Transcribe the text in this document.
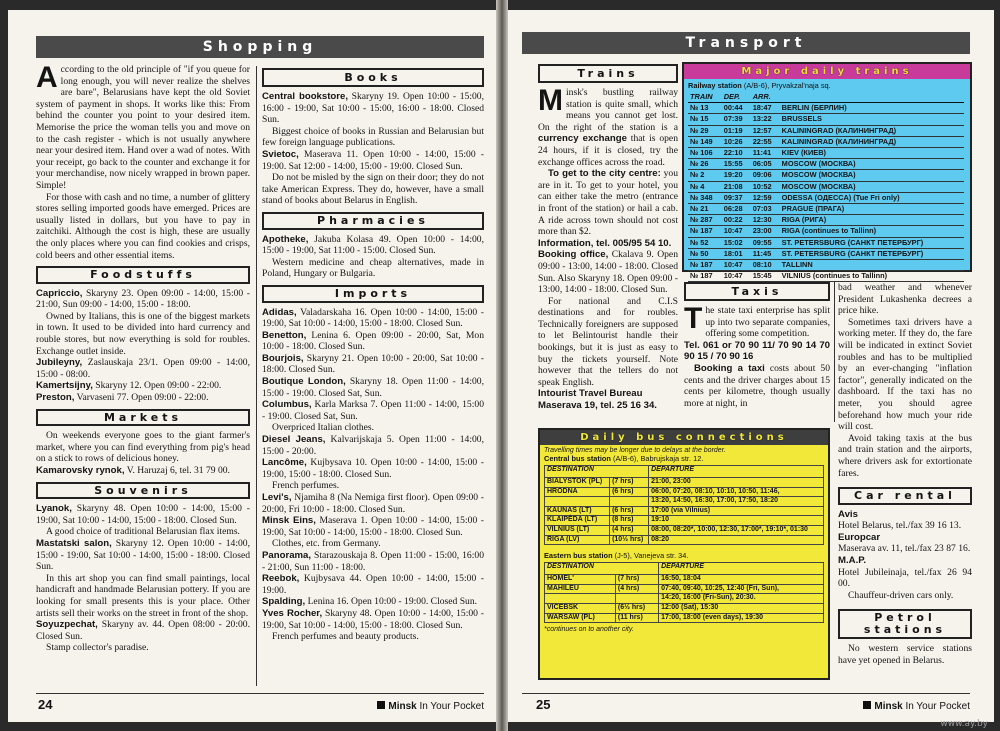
Shopping

According to the old principle of "if you queue for long enough, you will never realize the shelves are bare", Belarusians have kept the old Soviet system of payment in shops. It works like this: From behind the counter you point to your desired item. Memorise the price the woman tells you and move on to the cash register - which is not usually anywhere near your desired item. Hand over a wad of notes. With your receipt, go back to the counter and exchange it for your merchandise, now nicely wrapped in brown paper. Simple!

For those with cash and no time, a number of glittery stores selling imported goods have emerged. Prices are usually listed in dollars, but you have to pay in zaitchiki. Although the cost is high, these are usually the only places where you can find cookies and crisps, cold beers and other essential items.

Foodstuffs

Capriccio, Skaryny 23. Open 09:00 - 14:00, 15:00 - 21:00, Sun 09:00 - 14:00, 15:00 - 18:00.

Owned by Italians, this is one of the biggest markets in town. It used to be divided into hard currency and rouble stores, but now everything is sold for roubles. Exchange outlet inside.

Jubileyny, Zaslauskaja 23/1. Open 09:00 - 14:00, 15:00 - 08:00.

Kamertsijny, Skaryny 12. Open 09:00 - 22:00.

Preston, Varvaseni 77. Open 09:00 - 22:00.

Markets

On weekends everyone goes to the giant farmer's market, where you can find everything from pig's head on a stick to rows of delicious honey.

Kamarovsky rynok, V. Haruzaj 6, tel. 31 79 00.

Souvenirs

Lyanok, Skaryny 48. Open 10:00 - 14:00, 15:00 - 19:00, Sat 10:00 - 14:00, 15:00 - 18:00. Closed Sun.

A good choice of traditional Belarusian flax items.

Mastatski salon, Skaryny 12. Open 10:00 - 14:00, 15:00 - 19:00, Sat 10:00 - 14:00, 15:00 - 18:00. Closed Sun.

In this art shop you can find small paintings, local handicraft and handmade Belarusian pottery. If you are looking for small presents this is your place. Other artists sell their works on the street in front of the shop.

Soyuzpechat, Skaryny av. 44. Open 08:00 - 20:00. Closed Sun.

Stamp collector's paradise.

Books

Central bookstore, Skaryny 19. Open 10:00 - 15:00, 16:00 - 19:00, Sat 10:00 - 15:00, 16:00 - 18:00. Closed Sun.

Biggest choice of books in Russian and Belarusian but few foreign language publications.

Svietoc, Maserava 11. Open 10:00 - 14:00, 15:00 - 19:00. Sat 12:00 - 14:00, 15:00 - 19:00. Closed Sun.

Do not be misled by the sign on their door; they do not take American Express. They do, however, have a small stand of books about Belarus in English.

Pharmacies

Apotheke, Jakuba Kolasa 49. Open 10:00 - 14:00, 15:00 - 19:00, Sat 11:00 - 15:00. Closed Sun.

Western medicine and cheap alternatives, made in Poland, Hungary or Bulgaria.

Imports

Adidas, Valadarskaha 16. Open 10:00 - 14:00, 15:00 - 19:00, Sat 10:00 - 14:00, 15:00 - 18:00. Closed Sun.

Benetton, Lenina 6. Open 09:00 - 20:00, Sat, Mon 10:00 - 18:00. Closed Sun.

Bourjois, Skaryny 21. Open 10:00 - 20:00, Sat 10:00 - 18:00. Closed Sun.

Boutique London, Skaryny 18. Open 11:00 - 14:00, 15:00 - 19:00. Closed Sat, Sun.

Columbus, Karla Marksa 7. Open 11:00 - 14:00, 15:00 - 19:00. Closed Sat, Sun.

Overpriced Italian clothes.

Diesel Jeans, Kalvarijskaja 5. Open 11:00 - 14:00, 15:00 - 20:00.

Lancôme, Kujbysava 10. Open 10:00 - 14:00, 15:00 - 19:00, 15:00 - 18:00. Closed Sun.

French perfumes.

Levi's, Njamiha 8 (Na Nemiga first floor). Open 09:00 - 20:00, Fri 10:00 - 18:00. Closed Sun.

Minsk Eins, Maserava 1. Open 10:00 - 14:00, 15:00 - 19:00, Sat 10:00 - 14:00, 15:00 - 18:00. Closed Sun.

Clothes, etc. from Germany.

Panorama, Starazouskaja 8. Open 11:00 - 15:00, 16:00 - 21:00, Sun 11:00 - 18:00.

Reebok, Kujbysava 44. Open 10:00 - 14:00, 15:00 - 19:00.

Spalding, Lenina 16. Open 10:00 - 19:00. Closed Sun.

Yves Rocher, Skaryny 48. Open 10:00 - 14:00, 15:00 - 19:00, Sat 10:00 - 14:00, 15:00 - 18:00. Closed Sun.

French perfumes and beauty products.

24	Minsk In Your Pocket
Transport
Trains

Minsk's bustling railway station is quite small, which means you cannot get lost. On the right of the station is a currency exchange that is open 24 hours, if it is closed, try the exchange offices across the road.

To get to the city centre: you are in it. To get to your hotel, you can either take the metro (entrance in front of the station) or hail a cab. A ride across town should not cost more than $2.

Information, tel. 005/95 54 10.

Booking office, Ckalava 9. Open 09:00 - 13:00, 14:00 - 18:00. Closed Sun. Also Skaryny 18. Open 09:00 - 13:00, 14:00 - 18:00. Closed Sun.

For national and C.I.S destinations and for roubles. Technically foreigners are supposed to let Belintourist handle their bookings, but it is just as easy to buy the tickets yourself. Note however that the tellers do not speak English.

Intourist Travel Bureau

Maserava 19, tel. 25 16 34.

Major daily trains
Railway station (A/B-6), Pryvakzal'naja sq.
TRAIN	DEP.	ARR.	
№ 13	00:44	18:47	BERLIN (БЕРЛИН)
№ 15	07:39	13:22	BRUSSELS
№ 29	01:19	12:57	KALININGRAD (КАЛИНИНГРАД)
№ 149	10:26	22:55	KALININGRAD (КАЛИНИНГРАД)
№ 106	22:10	11:41	KIEV (КИЕВ)
№ 26	15:55	06:05	MOSCOW (МОСКВА)
№ 2	19:20	09:06	MOSCOW (МОСКВА)
№ 4	21:08	10:52	MOSCOW (МОСКВА)
№ 348	09:37	12:59	ODESSA (ОДЕССА) (Tue Fri only)
№ 21	06:28	07:03	PRAGUE (ПРАГА)
№ 287	00:22	12:30	RIGA (РИГА)
№ 187	10:47	23:00	RIGA (continues to Tallinn)
№ 52	15:02	09:55	ST. PETERSBURG (САНКТ ПЕТЕРБУРГ)
№ 50	18:01	11:45	ST. PETERSBURG (САНКТ ПЕТЕРБУРГ)
№ 187	10:47	08:10	TALLINN
№ 187	10:47	15:45	VILNIUS (continues to Tallinn)
Taxis

The state taxi enterprise has split up into two separate companies, offering some competition.

Tel. 061 or 70 90 11/ 70 90 14 70 90 15 / 70 90 16

Booking a taxi costs about 50 cents and the driver charges about 15 cents per kilometre, though usually more at night, in

bad weather and whenever President Lukashenka decrees a price hike.

Sometimes taxi drivers have a working meter. If they do, the fare will be indicated in extinct Soviet roubles and has to be multiplied by an ever-changing "inflation factor", generally indicated on the dashboard. If the taxi has no meter, you should agree beforehand how much your ride will cost.

Avoid taking taxis at the bus and train station and the airports, where drivers ask for extortionate fares.

Car rental

Avis

Hotel Belarus, tel./fax 39 16 13.

Europcar

Maserava av. 11, tel./fax 23 87 16.

M.A.P.

Hotel Jubileinaja, tel./fax 26 94 00.

Chauffeur-driven cars only.

Petrol
stations

No western service stations have yet opened in Belarus.

Daily bus connections
Travelling times may be longer due to delays at the border.
Central bus station (A/B-6), Babrujskaja str. 12.
DESTINATION		DEPARTURE
BIALYSTOK (PL)	(7 hrs)	21:00, 23:00
HRODNA	(6 hrs)	06:00, 07:20, 08:10, 10:10, 10:50, 11:46,
		13:20, 14:50, 16:30, 17:00, 17:50, 18:20
KAUNAS (LT)	(6 hrs)	17:00 (via Vilnius)
KLAIPĖDA (LT)	(8 hrs)	19:10
VILNIUS (LT)	(4 hrs)	08:00, 08:20*, 10:00, 12:30, 17:00*, 19:10*, 01:30
RIGA (LV)	(10½ hrs)	08:20
Eastern bus station (J-5), Vanejeva str. 34.
DESTINATION		DEPARTURE
HOMEL'	(7 hrs)	16:50, 18:04
MAHILEU	(4 hrs)	07:40, 09:40, 10:25, 12:40 (Fri, Sun),
		14:20, 16:00 (Fri-Sun), 20:30.
VICEBSK	(6½ hrs)	12:00 (Sat), 15:30
WARSAW (PL)	(11 hrs)	17:00, 18:00 (even days), 19:30
*continues on to another city.
25	Minsk In Your Pocket
www.ay.by
